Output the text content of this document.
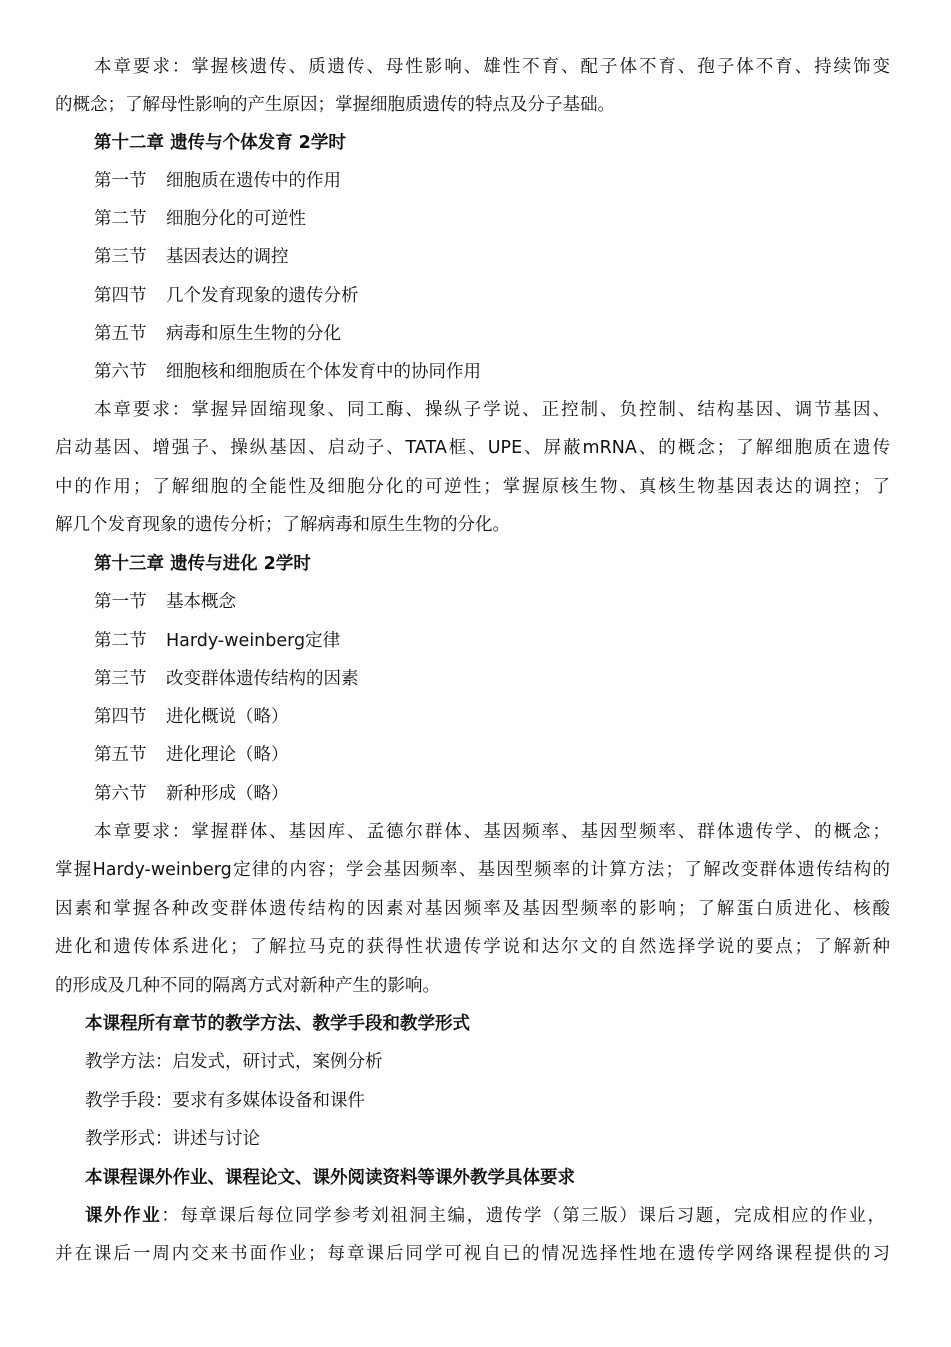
本章要求：掌握核遗传、质遗传、母性影响、雄性不育、配子体不育、孢子体不育、持续饰变
的概念；了解母性影响的产生原因；掌握细胞质遗传的特点及分子基础。
第十二章 遗传与个体发育 2学时
第一节 细胞质在遗传中的作用
第二节 细胞分化的可逆性
第三节 基因表达的调控
第四节 几个发育现象的遗传分析
第五节 病毒和原生生物的分化
第六节 细胞核和细胞质在个体发育中的协同作用
本章要求：掌握异固缩现象、同工酶、操纵子学说、正控制、负控制、结构基因、调节基因、
启动基因、增强子、操纵基因、启动子、TATA框、UPE、屏蔽mRNA、的概念；了解细胞质在遗传
中的作用；了解细胞的全能性及细胞分化的可逆性；掌握原核生物、真核生物基因表达的调控；了
解几个发育现象的遗传分析；了解病毒和原生生物的分化。
第十三章 遗传与进化 2学时
第一节 基本概念
第二节 Hardy-weinberg定律
第三节 改变群体遗传结构的因素
第四节 进化概说（略）
第五节 进化理论（略）
第六节 新种形成（略）
本章要求：掌握群体、基因库、孟德尔群体、基因频率、基因型频率、群体遗传学、的概念；
掌握Hardy-weinberg定律的内容；学会基因频率、基因型频率的计算方法；了解改变群体遗传结构的
因素和掌握各种改变群体遗传结构的因素对基因频率及基因型频率的影响；了解蛋白质进化、核酸
进化和遗传体系进化；了解拉马克的获得性状遗传学说和达尔文的自然选择学说的要点；了解新种
的形成及几种不同的隔离方式对新种产生的影响。
本课程所有章节的教学方法、教学手段和教学形式
教学方法：启发式，研讨式，案例分析
教学手段：要求有多媒体设备和课件
教学形式：讲述与讨论
本课程课外作业、课程论文、课外阅读资料等课外教学具体要求
课外作业：每章课后每位同学参考刘祖洞主编，遗传学（第三版）课后习题，完成相应的作业，
并在课后一周内交来书面作业；每章课后同学可视自已的情况选择性地在遗传学网络课程提供的习
